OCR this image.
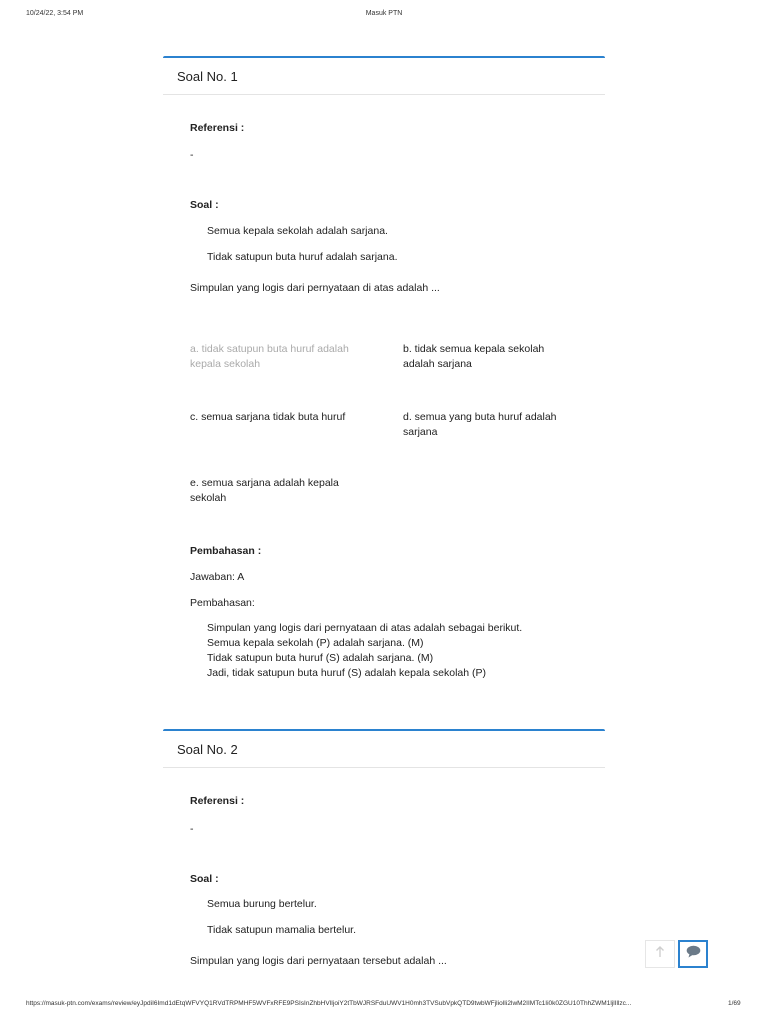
10/24/22, 3:54 PM	Masuk PTN
Soal No. 1
Referensi :
-
Soal :
Semua kepala sekolah adalah sarjana.
Tidak satupun buta huruf adalah sarjana.
Simpulan yang logis dari pernyataan di atas adalah ...
a. tidak satupun buta huruf adalah
kepala sekolah
b. tidak semua kepala sekolah
adalah sarjana
c. semua sarjana tidak buta huruf	d. semua yang buta huruf adalah
sarjana
e. semua sarjana adalah kepala
sekolah
Pembahasan :
Jawaban: A
Pembahasan:
Simpulan yang logis dari pernyataan di atas adalah sebagai berikut.
Semua kepala sekolah (P) adalah sarjana. (M)
Tidak satupun buta huruf (S) adalah sarjana. (M)
Jadi, tidak satupun buta huruf (S) adalah kepala sekolah (P)
Soal No. 2
Referensi :
-
Soal :
Semua burung bertelur.
Tidak satupun mamalia bertelur.
Simpulan yang logis dari pernyataan tersebut adalah ...
https://masuk-ptn.com/exams/review/eyJpdiI6Imd1dEtqWFVYQ1RVdTRPMHF5WVFxRFE9PSIsInZhbHVlIjoiY2tTbWJRSFduUWV1H0mh3TVSubVpkQTD9twbWFjliolIi2lwM2IIMTc1Ii0k0ZGU10ThhZWM1ljlIllzc...	1/69
